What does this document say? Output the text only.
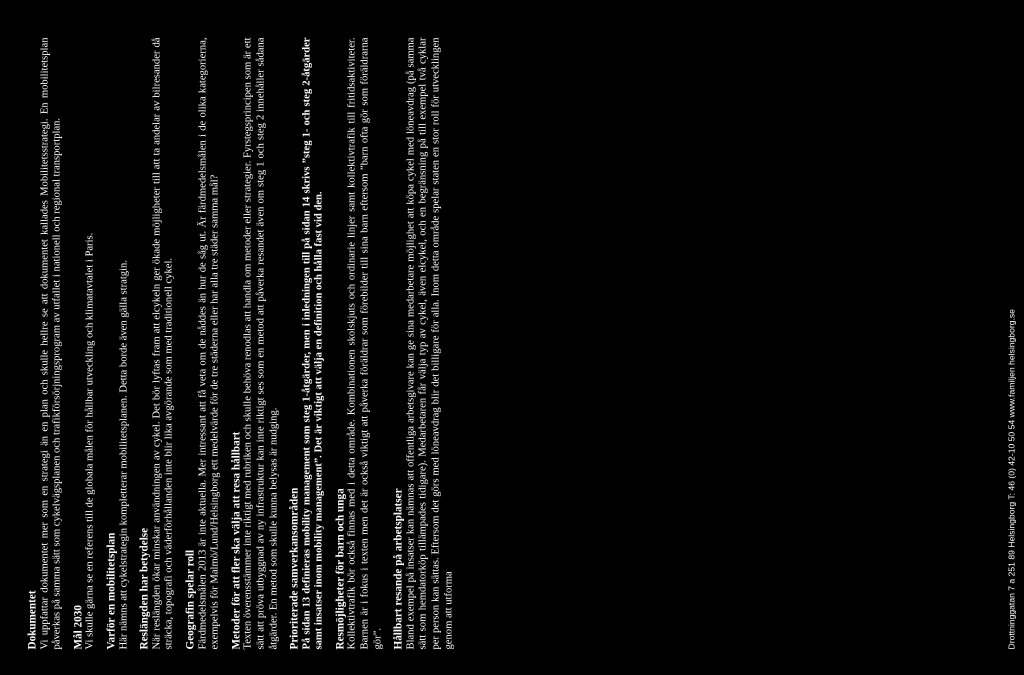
Dokumentet Vi uppfattar dokumentet mer som en strategi än en plan och skulle hellre se att dokumentet kallades Mobilitetsstrategi. En mobilitetsplan påverkas på samma sätt som cykelvägsplanen och trafikförsörjningsprogram av utfallet i nationell och regional transportplan. Mål 2030 Vi skulle gärna se en referens till de globala målen för hållbar utveckling och klimatavtalet i Paris. Varför en mobilitetsplan Här nämns att cykelstrategin kompletterar mobilitetsplanen. Detta borde även gälla stratgin. Reslängden har betydelse När reslängden ökar minskar användningen av cykel. Det bör lyftas fram att elcykeln ger ökade möjligheter till att ta andelar av bilresander då sträcka, topografi och väderförhållanden inte blir lika avgörande som med traditionell cykel. Geografin spelar roll Färdmedelsmålen 2013 är inte aktuella. Mer intressant att få veta om de nåddes än hur de såg ut. Är färdmedelsmålen i de olika kategorierna, exempelvis för Malmö/Lund/Helsingborg ett medelvärde för de tre städerna eller har alla tre städer samma mål? Metoder för att fler ska välja att resa hållbart Texten överensstämmer inte riktigt med rubriken och skulle behöva renodlas att handla om metoder eller strategier. Fyrstegsprincipen som är ett sätt att pröva utbyggnad av ny infrastruktur kan inte riktigt ses som en metod att påverka resandet även om steg 1 och steg 2 innehåller sådana åtgärder. En metod som skulle kunna belysas är nudging. Prioriterade samverkansområden På sidan 13 definieras mobility management som steg 1-åtgärder, men i inledningen till på sidan 14 skrivs ”steg 1- och steg 2-åtgärder samt insatser inom mobility management”. Det är viktigt att välja en definition och hålla fast vid den. Resmöjligheter för barn och unga Kollektivtrafik bör också finnas med i detta område. Kombinationen skolskjuts och ordinarie linjer samt kollektivtrafik till fritidsaktiviteter. Barnen är i fokus i texten men det är också viktigt att påverka föräldrar som förebilder till sina barn eftersom ”barn ofta gör som föräldrarna gör”. Hållbart resande på arbetsplatser Bland exempel på insatser kan nämnas att offentliga arbetsgivare kan ge sina medarbetare möjlighet att köpa cykel med löneavdrag (på samma sätt som hemdatorköp tillämpades tidigare). Medarbetaren får välja typ av cykel, även elcykel, och en begränsning på till exempel två cyklar per person kan sättas. Eftersom det görs med löneavdrag blir det billigare för alla. Inom detta område spelar staten en stor roll för utvecklingen genom att utforma	Drottninggatan 7 a 251 89 Helsingborg T: 46 (0) 42-10 50 54 www.familjen helsingborg.se
